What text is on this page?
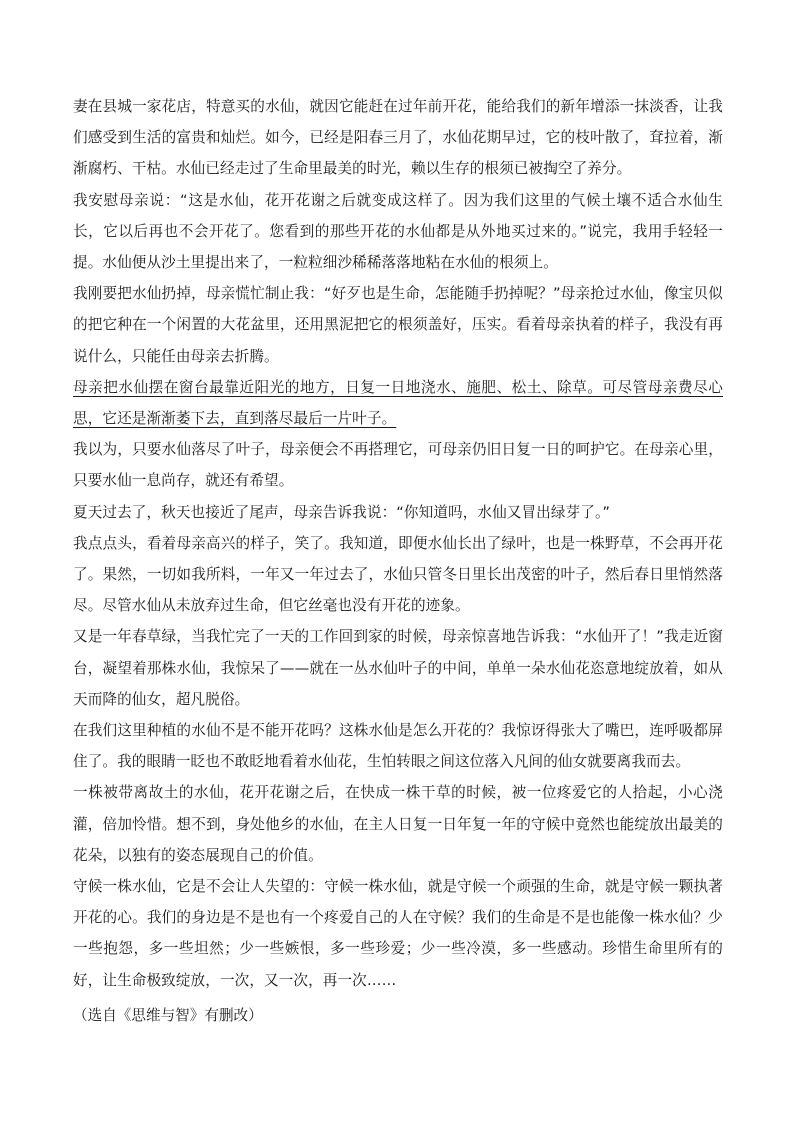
妻在县城一家花店，特意买的水仙，就因它能赶在过年前开花，能给我们的新年增添一抹淡香，让我们感受到生活的富贵和灿烂。如今，已经是阳春三月了，水仙花期早过，它的枝叶散了，耷拉着，渐渐腐朽、干枯。水仙已经走过了生命里最美的时光，赖以生存的根须已被掏空了养分。

我安慰母亲说：“这是水仙，花开花谢之后就变成这样了。因为我们这里的气候土壤不适合水仙生长，它以后再也不会开花了。您看到的那些开花的水仙都是从外地买过来的。”说完，我用手轻轻一提。水仙便从沙土里提出来了，一粒粒细沙稀稀落落地粘在水仙的根须上。

我刚要把水仙扔掉，母亲慌忙制止我：“好歹也是生命，怎能随手扔掉呢？”母亲抢过水仙，像宝贝似的把它种在一个闲置的大花盆里，还用黑泥把它的根须盖好，压实。看着母亲执着的样子，我没有再说什么，只能任由母亲去折腾。

母亲把水仙摆在窗台最靠近阳光的地方，日复一日地浇水、施肥、松土、除草。可尽管母亲费尽心思，它还是渐渐萎下去，直到落尽最后一片叶子。

我以为，只要水仙落尽了叶子，母亲便会不再搭理它，可母亲仍旧日复一日的呵护它。在母亲心里，只要水仙一息尚存，就还有希望。

夏天过去了，秋天也接近了尾声，母亲告诉我说：“你知道吗，水仙又冒出绿芽了。”

我点点头，看着母亲高兴的样子，笑了。我知道，即便水仙长出了绿叶，也是一株野草，不会再开花了。果然，一切如我所料，一年又一年过去了，水仙只管冬日里长出茂密的叶子，然后春日里悄然落尽。尽管水仙从未放弃过生命，但它丝毫也没有开花的迹象。

又是一年春草绿，当我忙完了一天的工作回到家的时候，母亲惊喜地告诉我：“水仙开了！”我走近窗台，凝望着那株水仙，我惊呆了——就在一丛水仙叶子的中间，单单一朵水仙花恣意地绽放着，如从天而降的仙女，超凡脱俗。

在我们这里种植的水仙不是不能开花吗？这株水仙是怎么开花的？我惊讶得张大了嘴巴，连呼吸都屏住了。我的眼睛一眨也不敢眨地看着水仙花，生怕转眼之间这位落入凡间的仙女就要离我而去。

一株被带离故土的水仙，花开花谢之后，在快成一株干草的时候，被一位疼爱它的人拾起，小心浇灌，倍加怜惜。想不到，身处他乡的水仙，在主人日复一日年复一年的守候中竟然也能绽放出最美的花朵，以独有的姿态展现自己的价值。

守候一株水仙，它是不会让人失望的：守候一株水仙，就是守候一个顽强的生命，就是守候一颗执著开花的心。我们的身边是不是也有一个疼爱自己的人在守候？我们的生命是不是也能像一株水仙？少一些抱怨，多一些坦然；少一些嫉恨，多一些珍爱；少一些冷漠，多一些感动。珍惜生命里所有的好，让生命极致绽放，一次，又一次，再一次……

（选自《思维与智》有删改）
